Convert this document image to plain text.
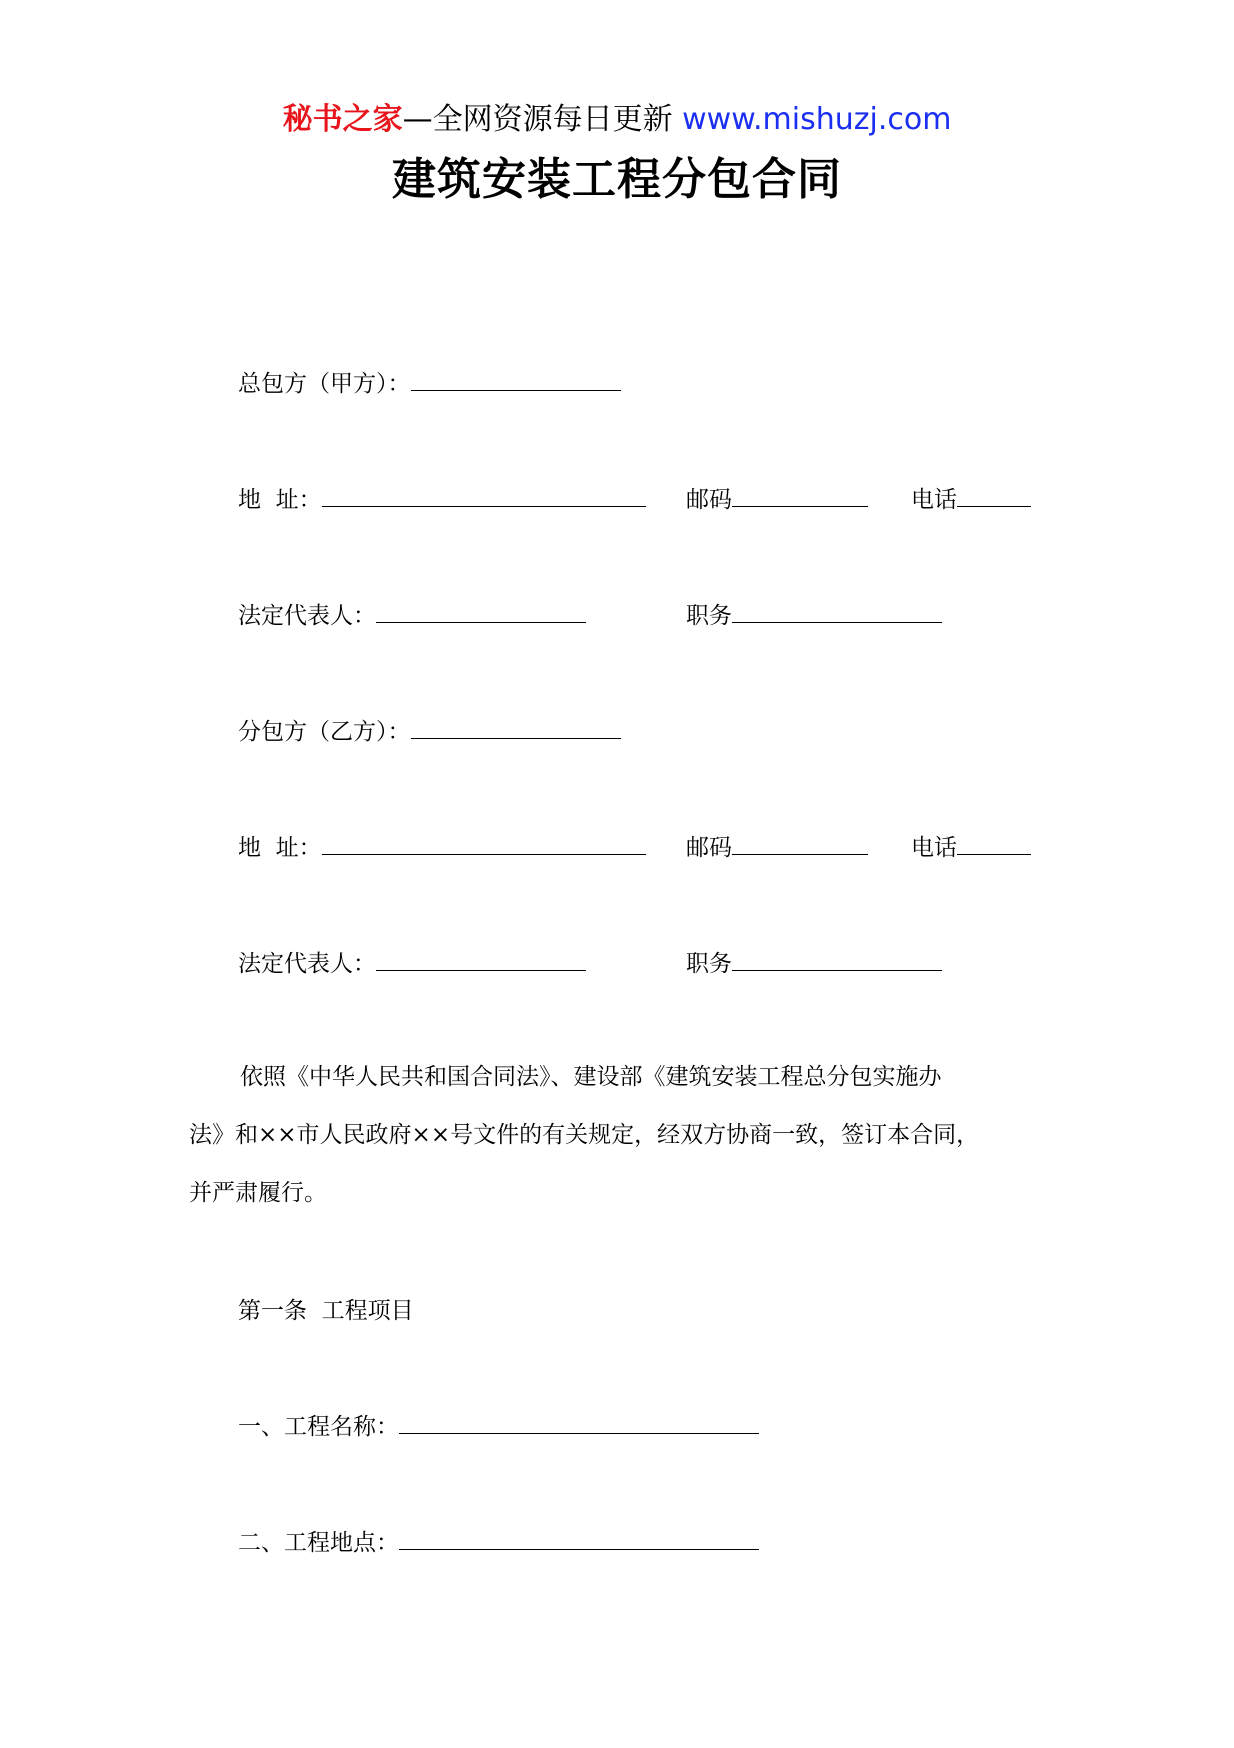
秘书之家—全网资源每日更新 www.mishuzj.com
建筑安装工程分包合同
总包方（甲方）：
地  址：	邮码	电话
法定代表人：	职务
分包方（乙方）：
地  址：	邮码	电话
法定代表人：	职务

依照《中华人民共和国合同法》、建设部《建筑安装工程总分包实施办

法》和××市人民政府××号文件的有关规定，经双方协商一致，签订本合同，

并严肃履行。

第一条  工程项目
一、工程名称：
二、工程地点：
